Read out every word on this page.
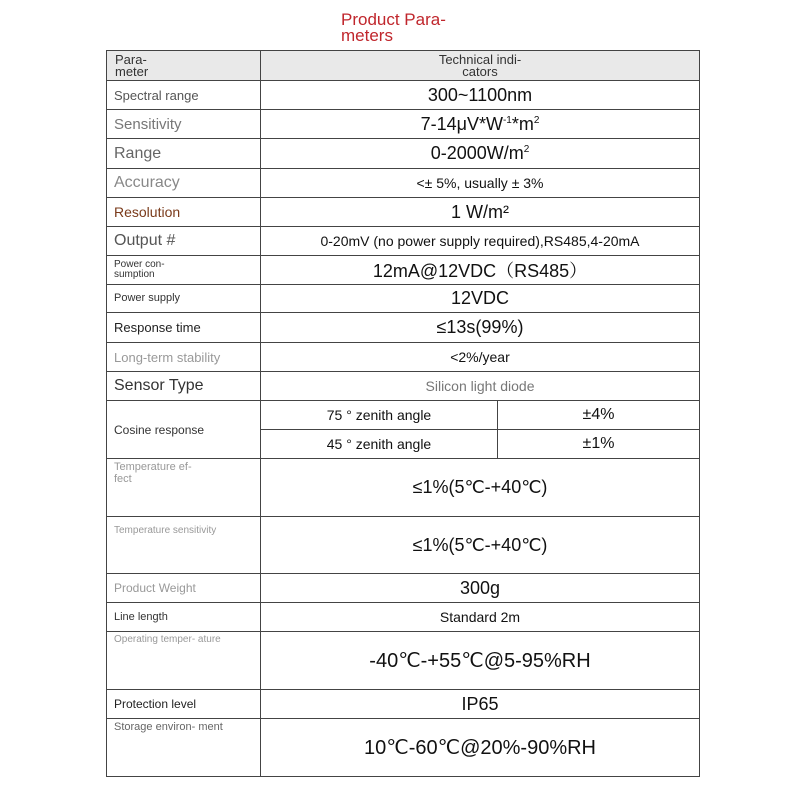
Product Para-
meters
Para-
meter	Technical indi-
cators	
Spectral range	300~1100nm	
Sensitivity	$7-14\mu V*W^{-1}*m^2$
Range	$0-2000W/m^2$
Accuracy	<± 5%, usually ± 3%	
Resolution	1 W/m²	
Output #	0-20mV (no power supply required),RS485,4-20mA	
Power con-
sumption	12mA@12VDC（RS485）	
Power supply	12VDC	
Response time	≤13s(99%)	
Long-term stability	<2%/year	
Sensor Type	Silicon light diode	
Cosine response	75 ° zenith angle	±4%
	45 ° zenith angle	±1%
Temperature ef-
fect	≤1%(5℃-+40℃)	
Temperature sensitivity	≤1%(5℃-+40℃)	
Product Weight	300g	
Line length	Standard 2m	
Operating temper- ature	-40℃-+55℃@5-95%RH	
Protection level	IP65	
Storage environ- ment	10℃-60℃@20%-90%RH	
